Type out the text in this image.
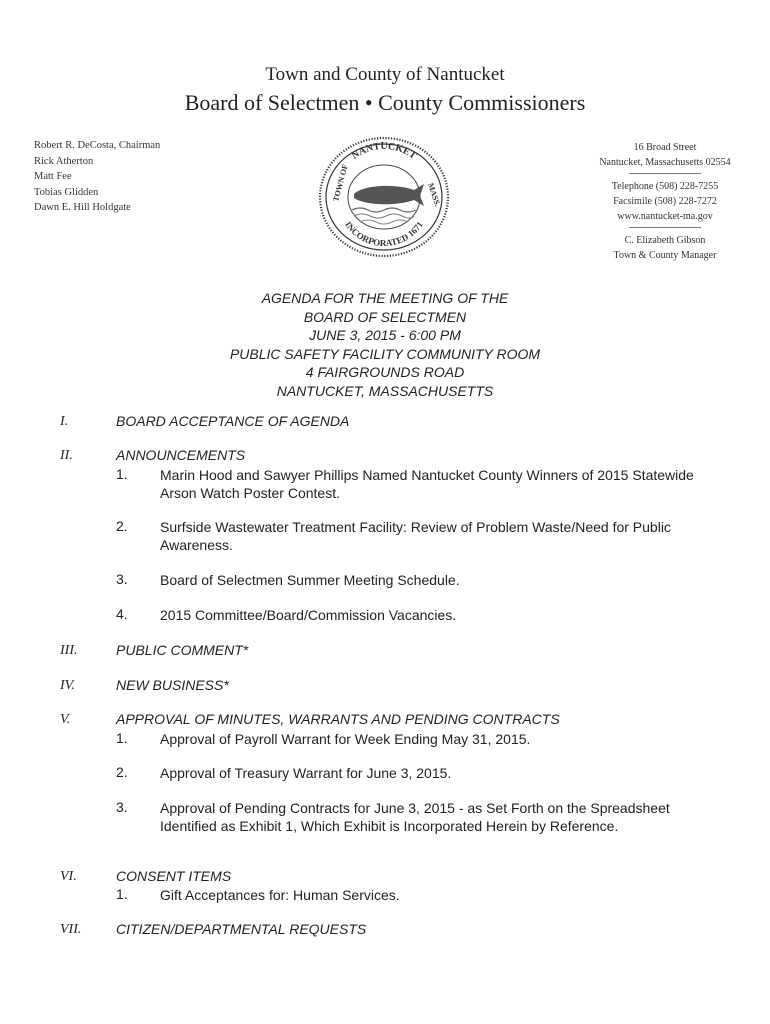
Town and County of Nantucket
Board of Selectmen • County Commissioners
Robert R. DeCosta, Chairman
Rick Atherton
Matt Fee
Tobias Glidden
Dawn E. Hill Holdgate
16 Broad Street
Nantucket, Massachusetts 02554
Telephone (508) 228-7255
Facsimile (508) 228-7272
www.nantucket-ma.gov
C. Elizabeth Gibson
Town & County Manager
NANTUCKET
INCORPORATED 1671
TOWN OF	MASS.
AGENDA FOR THE MEETING OF THE
BOARD OF SELECTMEN
JUNE 3, 2015 - 6:00 PM
PUBLIC SAFETY FACILITY COMMUNITY ROOM
4 FAIRGROUNDS ROAD
NANTUCKET, MASSACHUSETTS
I.	BOARD ACCEPTANCE OF AGENDA
II.	ANNOUNCEMENTS
1. Marin Hood and Sawyer Phillips Named Nantucket County Winners of 2015 Statewide Arson Watch Poster Contest.
2. Surfside Wastewater Treatment Facility: Review of Problem Waste/Need for Public Awareness.
3. Board of Selectmen Summer Meeting Schedule.
4. 2015 Committee/Board/Commission Vacancies.
III.	PUBLIC COMMENT*
IV.	NEW BUSINESS*
V.	APPROVAL OF MINUTES, WARRANTS AND PENDING CONTRACTS
1. Approval of Payroll Warrant for Week Ending May 31, 2015.
2. Approval of Treasury Warrant for June 3, 2015.
3. Approval of Pending Contracts for June 3, 2015 - as Set Forth on the Spreadsheet Identified as Exhibit 1, Which Exhibit is Incorporated Herein by Reference.
VI.	CONSENT ITEMS
1. Gift Acceptances for: Human Services.
VII. CITIZEN/DEPARTMENTAL REQUESTS
